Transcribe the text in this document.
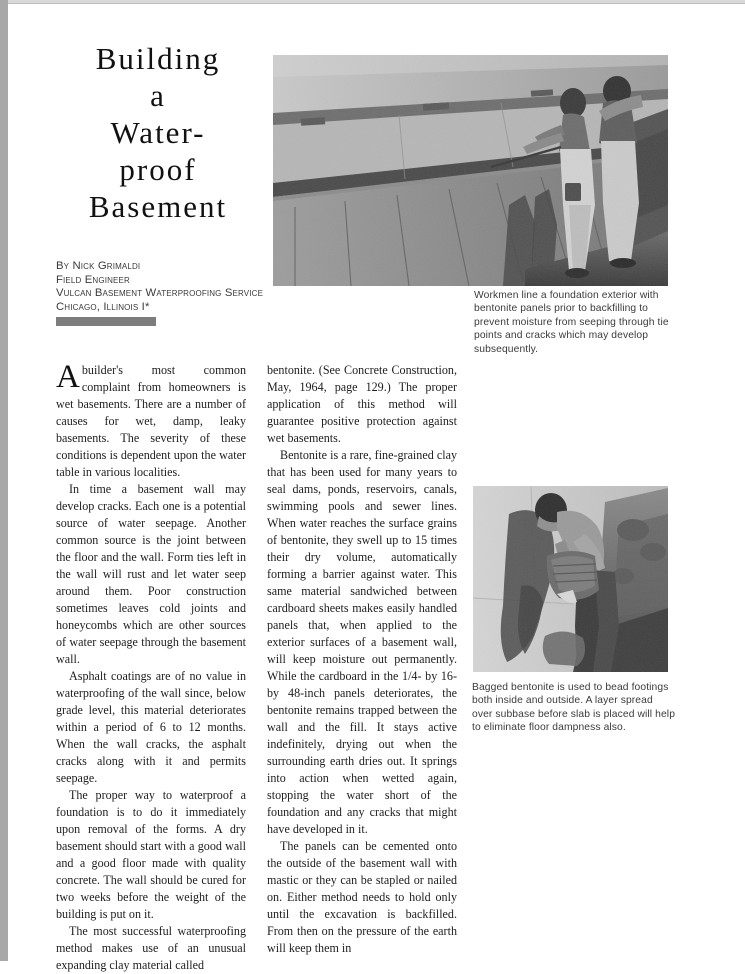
Building
a
Water-
proof
Basement
By Nick Grimaldi
Field Engineer
Vulcan Basement Waterproofing Service
Chicago, Illinois I*
Workmen line a foundation exterior with bentonite panels prior to backfilling to prevent moisture from seeping through tie points and cracks which may develop subsequently.
Bagged bentonite is used to bead footings both inside and outside. A layer spread over subbase before slab is placed will help to eliminate floor dampness also.

Abuilder's most common complaint from homeowners is wet basements. There are a number of causes for wet, damp, leaky basements. The severity of these conditions is dependent upon the water table in various localities.

In time a basement wall may develop cracks. Each one is a potential source of water seepage. Another common source is the joint between the floor and the wall. Form ties left in the wall will rust and let water seep around them. Poor construction sometimes leaves cold joints and honeycombs which are other sources of water seepage through the basement wall.

Asphalt coatings are of no value in waterproofing of the wall since, below grade level, this material deteriorates within a period of 6 to 12 months. When the wall cracks, the asphalt cracks along with it and permits seepage.

The proper way to waterproof a foundation is to do it immediately upon removal of the forms. A dry basement should start with a good wall and a good floor made with quality concrete. The wall should be cured for two weeks before the weight of the building is put on it.

The most successful waterproofing method makes use of an unusual expanding clay material called

bentonite. (See Concrete Construction, May, 1964, page 129.) The proper application of this method will guarantee positive protection against wet basements.

Bentonite is a rare, fine-grained clay that has been used for many years to seal dams, ponds, reservoirs, canals, swimming pools and sewer lines. When water reaches the surface grains of bentonite, they swell up to 15 times their dry volume, automatically forming a barrier against water. This same material sandwiched between cardboard sheets makes easily handled panels that, when applied to the exterior surfaces of a basement wall, will keep moisture out permanently. While the cardboard in the 1/4- by 16- by 48-inch panels deteriorates, the bentonite remains trapped between the wall and the fill. It stays active indefinitely, drying out when the surrounding earth dries out. It springs into action when wetted again, stopping the water short of the foundation and any cracks that might have developed in it.

The panels can be cemented onto the outside of the basement wall with mastic or they can be stapled or nailed on. Either method needs to hold only until the excavation is backfilled. From then on the pressure of the earth will keep them in
